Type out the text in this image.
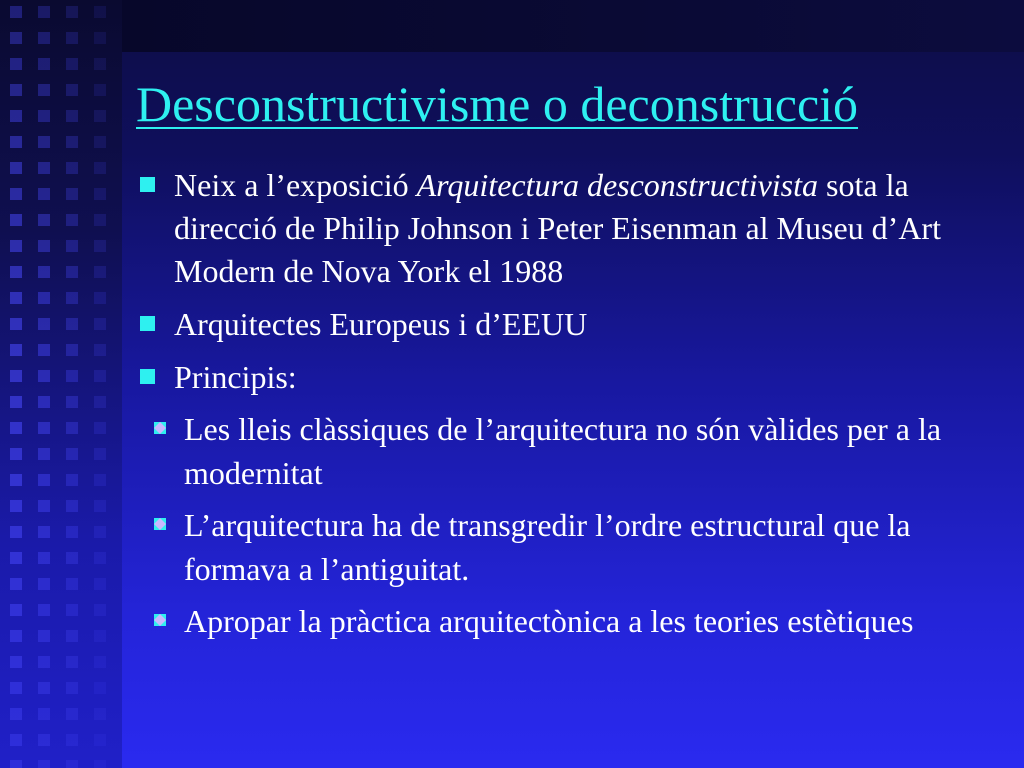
Desconstructivisme o deconstrucció
Neix a l’exposició Arquitectura desconstructivista sota la direcció de Philip Johnson i Peter Eisenman al Museu d’Art Modern de Nova York el 1988
Arquitectes Europeus i d’EEUU
Principis:
Les lleis clàssiques de l’arquitectura no són vàlides per a la modernitat
L’arquitectura ha de transgredir l’ordre estructural que la formava a l’antiguitat.
Apropar la pràctica arquitectònica a les teories estètiques
